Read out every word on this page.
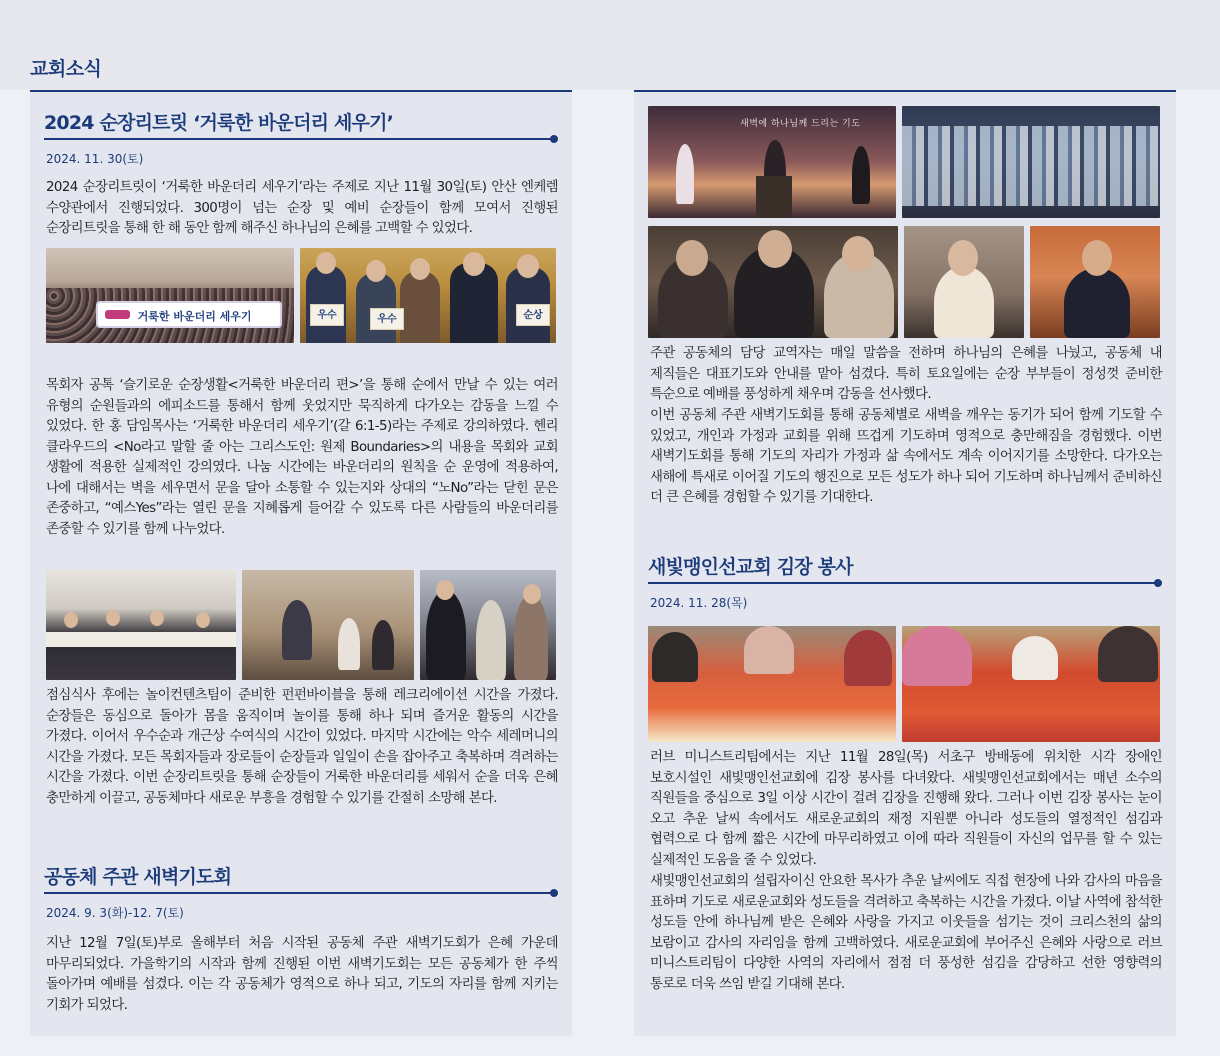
교회소식
2024 순장리트릿 ‘거룩한 바운더리 세우기’
2024. 11. 30(토)
2024 순장리트릿이 ‘거룩한 바운더리 세우기’라는 주제로 지난 11월 30일(토) 안산 엔케렘 수양관에서 진행되었다. 300명이 넘는 순장 및 예비 순장들이 함께 모여서 진행된 순장리트릿을 통해 한 해 동안 함께 해주신 하나님의 은혜를 고백할 수 있었다.
거룩한 바운더리 세우기	우수	우수	순상
목회자 공톡 ‘슬기로운 순장생활<거룩한 바운더리 편>’을 통해 순에서 만날 수 있는 여러 유형의 순원들과의 에피소드를 통해서 함께 웃었지만 묵직하게 다가오는 감동을 느낄 수 있었다. 한 홍 담임목사는 ‘거룩한 바운더리 세우기’(갈 6:1-5)라는 주제로 강의하였다. 헨리 클라우드의 <No라고 말할 줄 아는 그리스도인: 원제 Boundaries>의 내용을 목회와 교회 생활에 적용한 실제적인 강의였다. 나눔 시간에는 바운더리의 원칙을 순 운영에 적용하여, 나에 대해서는 벽을 세우면서 문을 달아 소통할 수 있는지와 상대의 “노No”라는 닫힌 문은 존중하고, “예스Yes”라는 열린 문을 지혜롭게 들어갈 수 있도록 다른 사람들의 바운더리를 존중할 수 있기를 함께 나누었다.
점심식사 후에는 놀이컨텐츠팀이 준비한 펀펀바이블을 통해 레크리에이션 시간을 가졌다. 순장들은 동심으로 돌아가 몸을 움직이며 놀이를 통해 하나 되며 즐거운 활동의 시간을 가졌다. 이어서 우수순과 개근상 수여식의 시간이 있었다. 마지막 시간에는 악수 세레머니의 시간을 가졌다. 모든 목회자들과 장로들이 순장들과 일일이 손을 잡아주고 축복하며 격려하는 시간을 가졌다. 이번 순장리트릿을 통해 순장들이 거룩한 바운더리를 세워서 순을 더욱 은혜 충만하게 이끌고, 공동체마다 새로운 부흥을 경험할 수 있기를 간절히 소망해 본다.
공동체 주관 새벽기도회
2024. 9. 3(화)-12. 7(토)
지난 12월 7일(토)부로 올해부터 처음 시작된 공동체 주관 새벽기도회가 은혜 가운데 마무리되었다. 가을학기의 시작과 함께 진행된 이번 새벽기도회는 모든 공동체가 한 주씩 돌아가며 예배를 섬겼다. 이는 각 공동체가 영적으로 하나 되고, 기도의 자리를 함께 지키는 기회가 되었다.
새벽에 하나님께 드리는 기도
주관 공동체의 담당 교역자는 매일 말씀을 전하며 하나님의 은혜를 나눴고, 공동체 내 제직들은 대표기도와 안내를 맡아 섬겼다. 특히 토요일에는 순장 부부들이 정성껏 준비한 특순으로 예배를 풍성하게 채우며 감동을 선사했다.
이번 공동체 주관 새벽기도회를 통해 공동체별로 새벽을 깨우는 동기가 되어 함께 기도할 수 있었고, 개인과 가정과 교회를 위해 뜨겁게 기도하며 영적으로 충만해짐을 경험했다. 이번 새벽기도회를 통해 기도의 자리가 가정과 삶 속에서도 계속 이어지기를 소망한다. 다가오는 새해에 특새로 이어질 기도의 행진으로 모든 성도가 하나 되어 기도하며 하나님께서 준비하신 더 큰 은혜를 경험할 수 있기를 기대한다.
새빛맹인선교회 김장 봉사
2024. 11. 28(목)
러브 미니스트리팀에서는 지난 11월 28일(목) 서초구 방배동에 위치한 시각 장애인 보호시설인 새빛맹인선교회에 김장 봉사를 다녀왔다. 새빛맹인선교회에서는 매년 소수의 직원들을 중심으로 3일 이상 시간이 걸려 김장을 진행해 왔다. 그러나 이번 김장 봉사는 눈이 오고 추운 날씨 속에서도 새로운교회의 재정 지원뿐 아니라 성도들의 열정적인 섬김과 협력으로 다 함께 짧은 시간에 마무리하였고 이에 따라 직원들이 자신의 업무를 할 수 있는 실제적인 도움을 줄 수 있었다.
새빛맹인선교회의 설립자이신 안요한 목사가 추운 날씨에도 직접 현장에 나와 감사의 마음을 표하며 기도로 새로운교회와 성도들을 격려하고 축복하는 시간을 가졌다. 이날 사역에 참석한 성도들 안에 하나님께 받은 은혜와 사랑을 가지고 이웃들을 섬기는 것이 크리스천의 삶의 보람이고 감사의 자리임을 함께 고백하였다. 새로운교회에 부어주신 은혜와 사랑으로 러브 미니스트리팀이 다양한 사역의 자리에서 점점 더 풍성한 섬김을 감당하고 선한 영향력의 통로로 더욱 쓰임 받길 기대해 본다.
